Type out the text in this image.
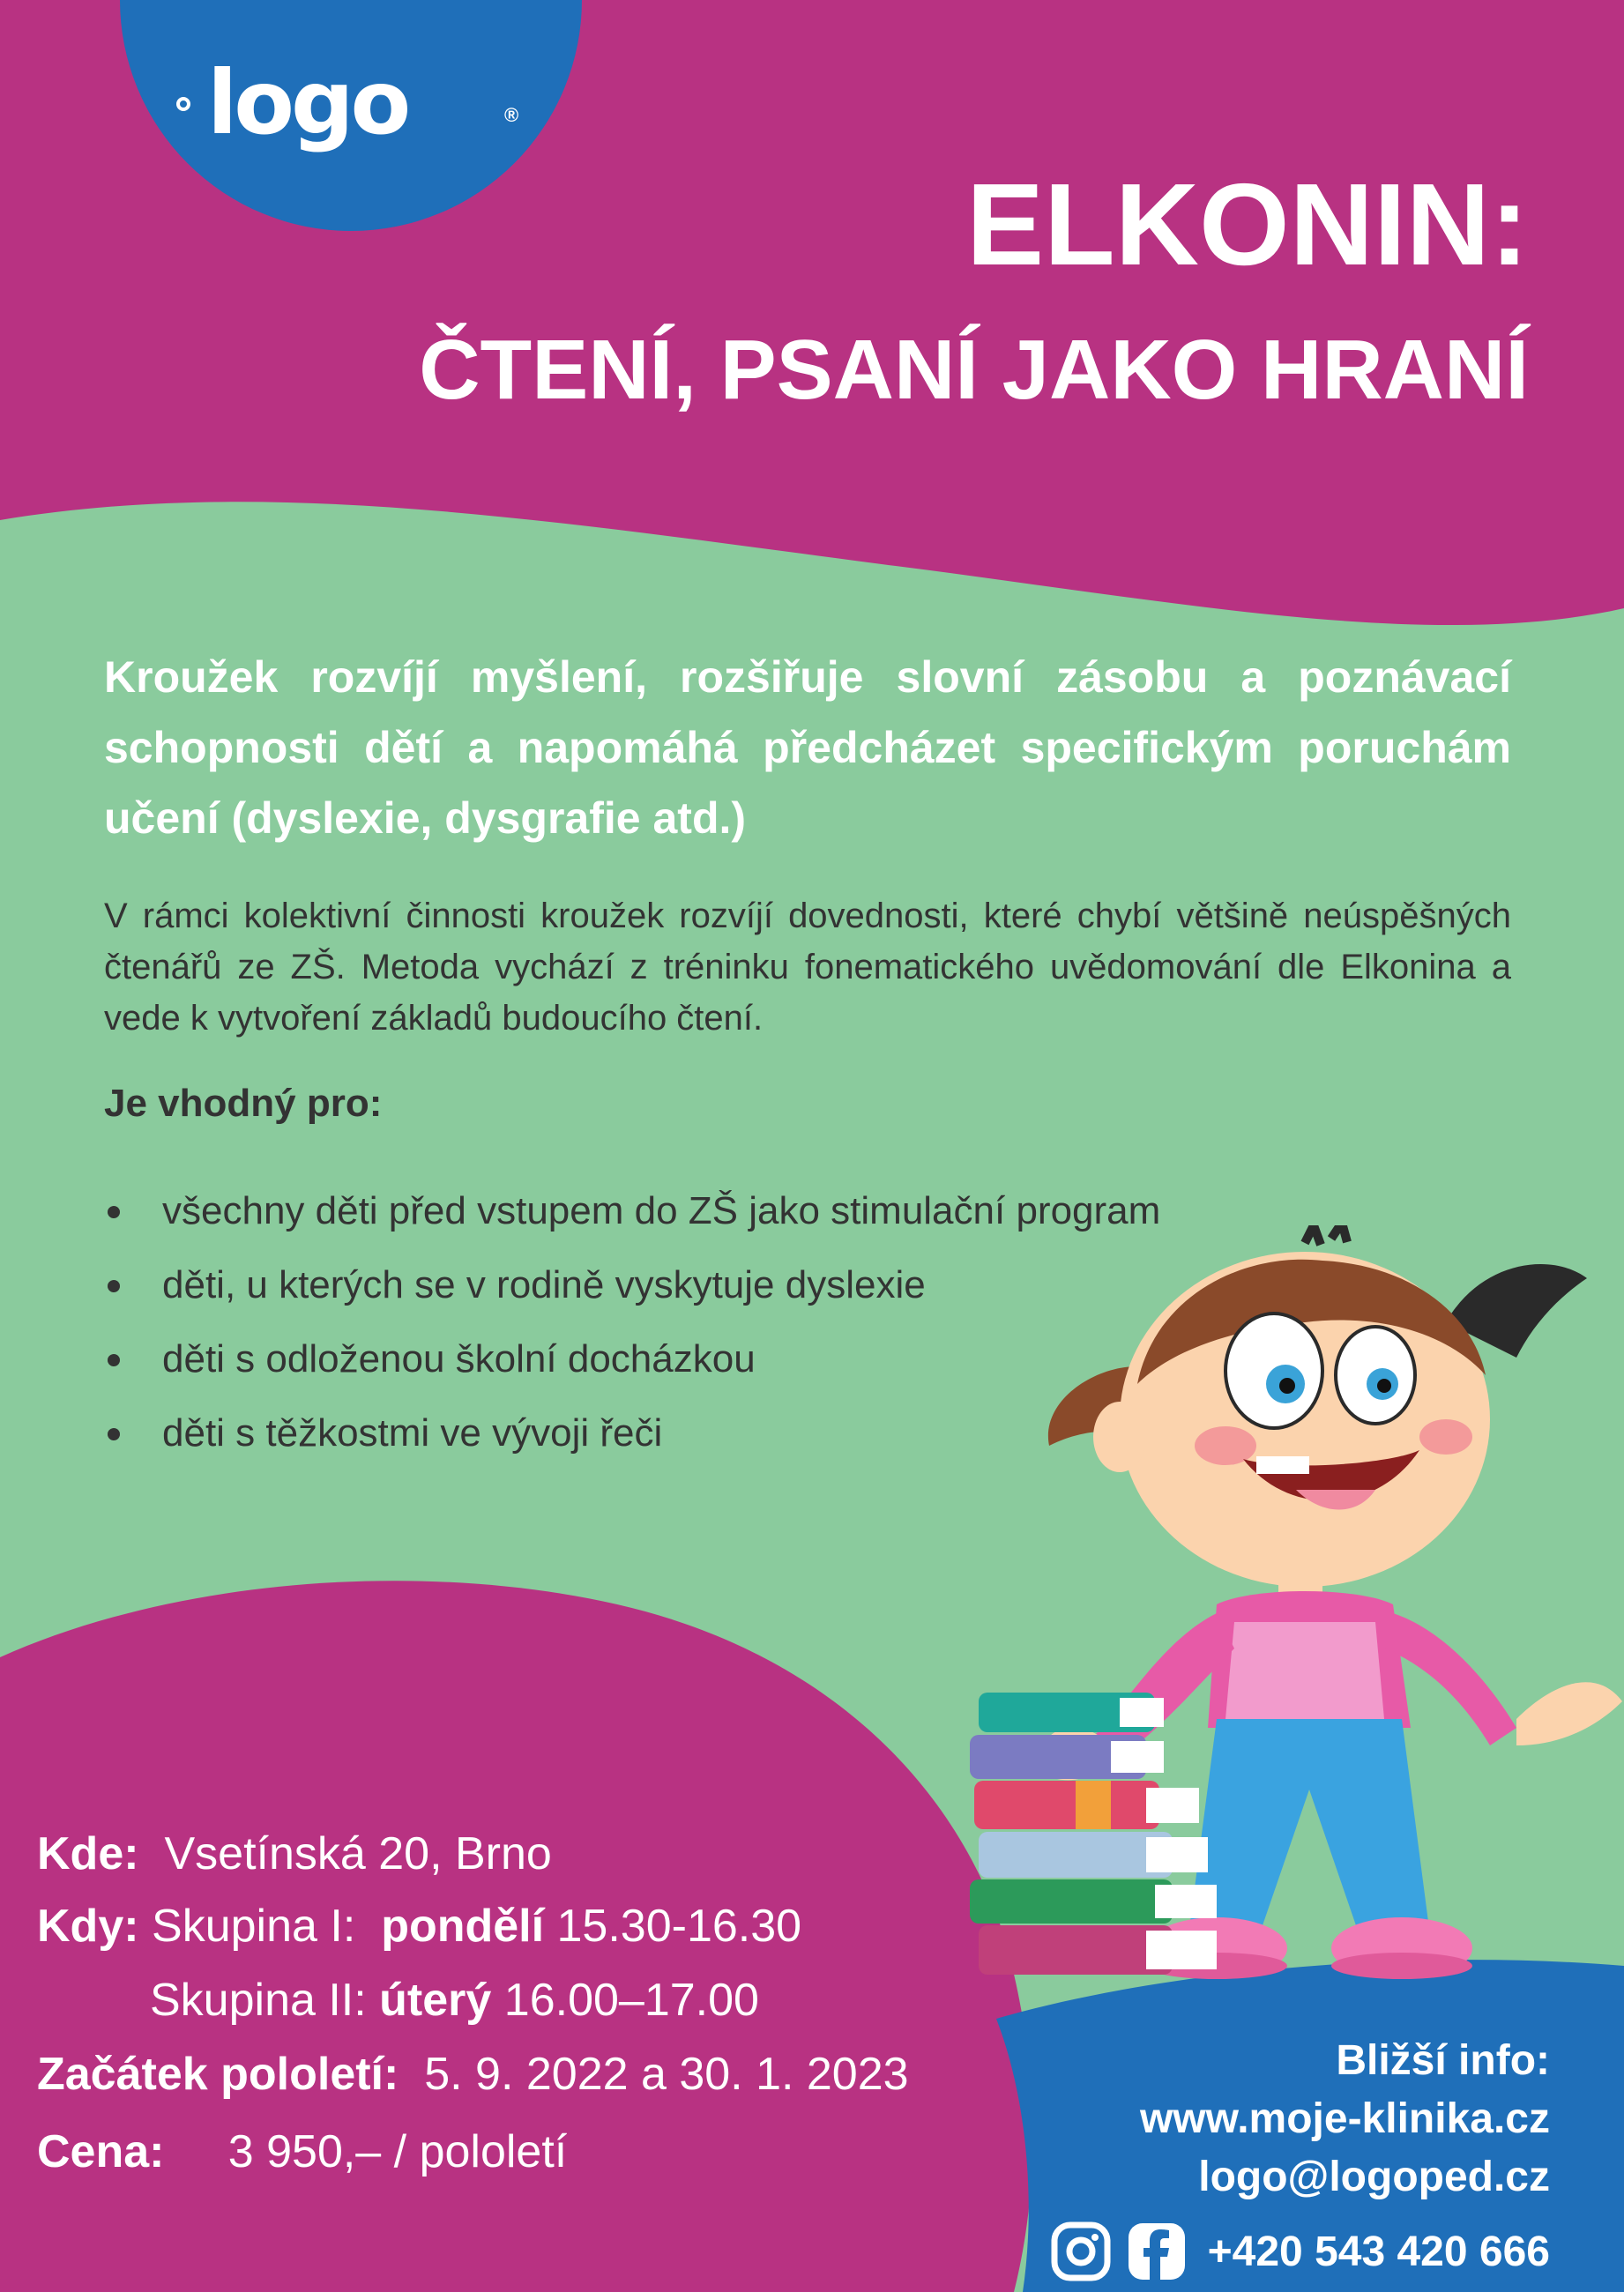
logo	®
ELKONIN:
ČTENÍ, PSANÍ JAKO HRANÍ
Kroužek rozvíjí myšlení, rozšiřuje slovní zásobu a poznávací schopnosti dětí a napomáhá předcházet specifickým poruchám učení (dyslexie, dysgrafie atd.)
V rámci kolektivní činnosti kroužek rozvíjí dovednosti, které chybí většině neúspěšných čtenářů ze ZŠ. Metoda vychází z tréninku fonematického uvědomování dle Elkonina a vede k vytvoření základů budoucího čtení.
Je vhodný pro:
všechny děti před vstupem do ZŠ jako stimulační program
děti, u kterých se v rodině vyskytuje dyslexie
děti s odloženou školní docházkou
děti s těžkostmi ve vývoji řeči
Kde: Vsetínská 20, Brno
Kdy: Skupina I: pondělí 15.30-16.30
Skupina II: úterý 16.00–17.00
Začátek pololetí: 5. 9. 2022 a 30. 1. 2023
Cena: 3 950,– / pololetí
Bližší info:
www.moje-klinika.cz
logo@logoped.cz
+420 543 420 666
